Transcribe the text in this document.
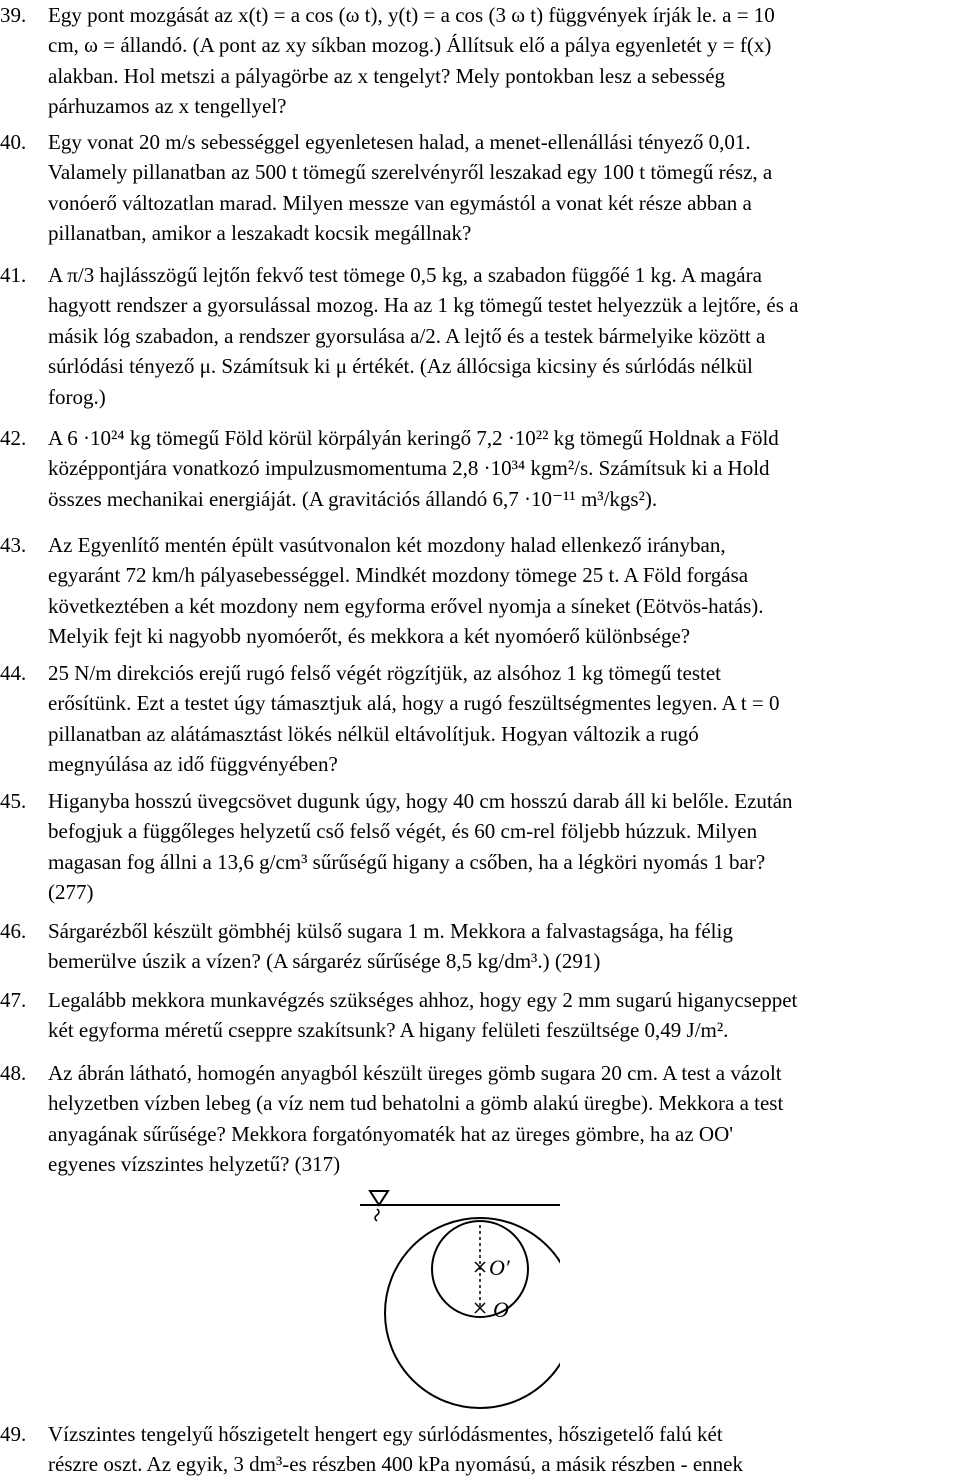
39.	Egy pont mozgását az x(t) = a cos (ω t), y(t) = a cos (3 ω t) függvények írják le. a = 10
cm, ω = állandó. (A pont az xy síkban mozog.) Állítsuk elő a pálya egyenletét y = f(x)
alakban. Hol metszi a pályagörbe az x tengelyt? Mely pontokban lesz a sebesség
párhuzamos az x tengellyel?
40.	Egy vonat 20 m/s sebességgel egyenletesen halad, a menet-ellenállási tényező 0,01.
Valamely pillanatban az 500 t tömegű szerelvényről leszakad egy 100 t tömegű rész, a
vonóerő változatlan marad. Milyen messze van egymástól a vonat két része abban a
pillanatban, amikor a leszakadt kocsik megállnak?
41.	A π/3 hajlásszögű lejtőn fekvő test tömege 0,5 kg, a szabadon függőé 1 kg. A magára
hagyott rendszer a gyorsulással mozog. Ha az 1 kg tömegű testet helyezzük a lejtőre, és a
másik lóg szabadon, a rendszer gyorsulása a/2. A lejtő és a testek bármelyike között a
súrlódási tényező μ. Számítsuk ki μ értékét. (Az állócsiga kicsiny és súrlódás nélkül
forog.)
42.	A 6 ·10²⁴ kg tömegű Föld körül körpályán keringő 7,2 ·10²² kg tömegű Holdnak a Föld
középpontjára vonatkozó impulzusmomentuma 2,8 ·10³⁴ kgm²/s. Számítsuk ki a Hold
összes mechanikai energiáját. (A gravitációs állandó 6,7 ·10⁻¹¹ m³/kgs²).
43.	Az Egyenlítő mentén épült vasútvonalon két mozdony halad ellenkező irányban,
egyaránt 72 km/h pályasebességgel. Mindkét mozdony tömege 25 t. A Föld forgása
következtében a két mozdony nem egyforma erővel nyomja a síneket (Eötvös-hatás).
Melyik fejt ki nagyobb nyomóerőt, és mekkora a két nyomóerő különbsége?
44.	25 N/m direkciós erejű rugó felső végét rögzítjük, az alsóhoz 1 kg tömegű testet
erősítünk. Ezt a testet úgy támasztjuk alá, hogy a rugó feszültségmentes legyen. A t = 0
pillanatban az alátámasztást lökés nélkül eltávolítjuk. Hogyan változik a rugó
megnyúlása az idő függvényében?
45.	Higanyba hosszú üvegcsövet dugunk úgy, hogy 40 cm hosszú darab áll ki belőle. Ezután
befogjuk a függőleges helyzetű cső felső végét, és 60 cm-rel följebb húzzuk. Milyen
magasan fog állni a 13,6 g/cm³ sűrűségű higany a csőben, ha a légköri nyomás 1 bar?
(277)
46.	Sárgarézből készült gömbhéj külső sugara 1 m. Mekkora a falvastagsága, ha félig
bemerülve úszik a vízen? (A sárgaréz sűrűsége 8,5 kg/dm³.) (291)
47.	Legalább mekkora munkavégzés szükséges ahhoz, hogy egy 2 mm sugarú higanycseppet
két egyforma méretű cseppre szakítsunk? A higany felületi feszültsége 0,49 J/m².
48.	Az ábrán látható, homogén anyagból készült üreges gömb sugara 20 cm. A test a vázolt
helyzetben vízben lebeg (a víz nem tud behatolni a gömb alakú üregbe). Mekkora a test
anyagának sűrűsége? Mekkora forgatónyomaték hat az üreges gömbre, ha az OO'
egyenes vízszintes helyzetű? (317)
49.	Vízszintes tengelyű hőszigetelt hengert egy súrlódásmentes, hőszigetelő falú két
részre oszt. Az egyik, 3 dm³-es részben 400 kPa nyomású, a másik részben - ennek
O′
O
